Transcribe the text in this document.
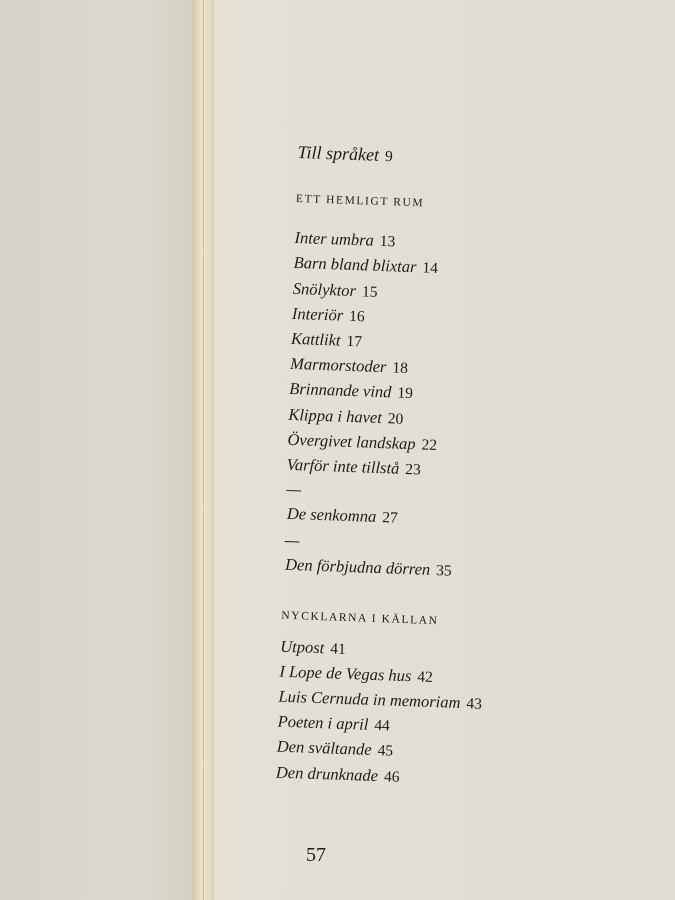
Till språket 9
ETT HEMLIGT RUM
Inter umbra 13
Barn bland blixtar 14
Snölyktor 15
Interiör 16
Kattlikt 17
Marmorstoder 18
Brinnande vind 19
Klippa i havet 20
Övergivet landskap 22
Varför inte tillstå 23
—
De senkomna 27
—
Den förbjudna dörren 35
NYCKLARNA I KÄLLAN
Utpost 41
I Lope de Vegas hus 42
Luis Cernuda in memoriam 43
Poeten i april 44
Den svältande 45
Den drunknade 46
57
